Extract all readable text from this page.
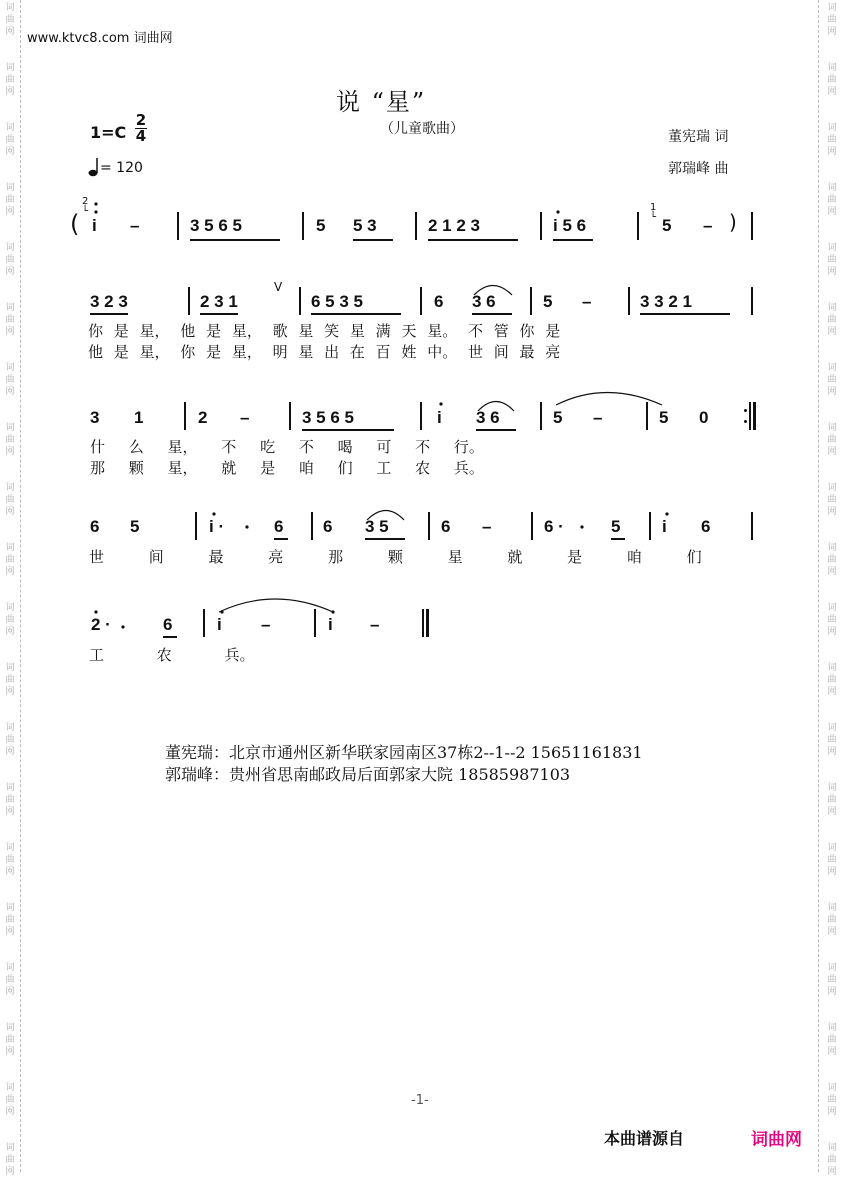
词
曲
网
词
曲
网
词
曲
网
词
曲
网
词
曲
网
词
曲
网
词
曲
网
词
曲
网
词
曲
网
词
曲
网
词
曲
网
词
曲
网
词
曲
网
词
曲
网
词
曲
网
词
曲
网
词
曲
网
词
曲
网
词
曲
网
词
曲
网
词
曲
网
词
曲
网
词
曲
网
词
曲
网
词
曲
网
词
曲
网
词
曲
网
词
曲
网
词
曲
网
词
曲
网
词
曲
网
词
曲
网
词
曲
网
词
曲
网
词
曲
网
词
曲
网
词
曲
网
词
曲
网
词
曲
网
词
曲
网
www.ktvc8.com 词曲网
说 “星”
（儿童歌曲）
1=C
2
4
= 120
董宪瑞 词
郭瑞峰 曲
(
2
└
i –	3 5 6 5	5 5 3	2 1 2 3	i 5 6
1
└ 5 – )
3 2 3	2 3 1
V
6 5 3 5	6 3 6	5 –	3 3 2 1
你 是 星， 他 是 星， 歌 星 笑 星 满 天 星。 不 管 你 是
他 是 星， 你 是 星， 明 星 出 在 百 姓 中。 世 间 最 亮
3 1	2 –	3 5 6 5	i 3 6	5 –	5 0
什 么 星， 不 吃 不 喝 可 不 行。
那 颗 星， 就 是 咱 们 工 农 兵。
6 5	i ·	6 6 3 5	6 –	6 ·	5 i 6
世 间 最 亮 那 颗 星 就 是 咱 们
2 ·	6	i –	i –
工 农 兵。
董宪瑞：北京市通州区新华联家园南区37栋2--1--2 15651161831
郭瑞峰：贵州省思南邮政局后面郭家大院 18585987103
-1-
本曲谱源自	词曲网
